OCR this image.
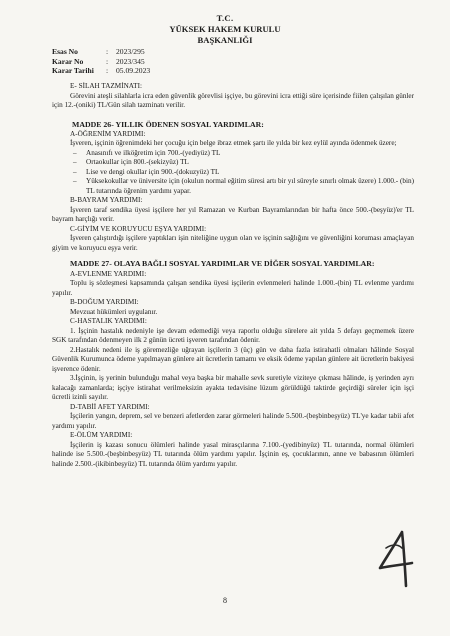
T.C.
YÜKSEK HAKEM KURULU
BAŞKANLIĞI
Esas No	:	2023/295
Karar No	:	2023/345
Karar Tarihi	:	05.09.2023

E- SİLAH TAZMİNATI:

Görevini ateşli silahlarla icra eden güvenlik görevlisi işçiye, bu görevini icra ettiği süre içerisinde fiilen çalışılan günler için 12.-(oniki) TL/Gün silah tazminatı verilir.

MADDE 26- YILLIK ÖDENEN SOSYAL YARDIMLAR:

A-ÖĞRENİM YARDIMI:

İşveren, işçinin öğrenimdeki her çocuğu için belge ibraz etmek şartı ile yılda bir kez eylül ayında ödenmek üzere;

– Anasınıfı ve ilköğretim için 700.-(yediyüz) TL
– Ortaokullar için 800.-(sekizyüz) TL
– Lise ve dengi okullar için 900.-(dokuzyüz) TL
– Yüksekokullar ve üniversite için (okulun normal eğitim süresi artı bir yıl süreyle sınırlı olmak üzere) 1.000.- (bin) TL tutarında öğrenim yardımı yapar.

B-BAYRAM YARDIMI:

İşveren taraf sendika üyesi işçilere her yıl Ramazan ve Kurban Bayramlarından bir hafta önce 500.-(beşyüz)'er TL bayram harçlığı verir.

C-GİYİM VE KORUYUCU EŞYA YARDIMI:

İşveren çalıştırdığı işçilere yaptıkları işin niteliğine uygun olan ve işçinin sağlığını ve güvenliğini koruması amaçlayan giyim ve koruyucu eşya verir.

MADDE 27- OLAYA BAĞLI SOSYAL YARDIMLAR VE DİĞER SOSYAL YARDIMLAR:

A-EVLENME YARDIMI:

Toplu iş sözleşmesi kapsamında çalışan sendika üyesi işçilerin evlenmeleri halinde 1.000.-(bin) TL evlenme yardımı yapılır.

B-DOĞUM YARDIMI:

Mevzuat hükümleri uygulanır.

C-HASTALIK YARDIMI:

1. İşçinin hastalık nedeniyle işe devam edemediği veya raporlu olduğu sürelere ait yılda 5 defayı geçmemek üzere SGK tarafından ödenmeyen ilk 2 günün ücreti işveren tarafından ödenir.

2.Hastalık nedeni ile iş göremezliğe uğrayan işçilerin 3 (üç) gün ve daha fazla istirahatli olmaları hâlinde Sosyal Güvenlik Kurumunca ödeme yapılmayan günlere ait ücretlerin tamamı ve eksik ödeme yapılan günlere ait ücretlerin bakiyesi işverence ödenir.

3.İşçinin, iş yerinin bulunduğu mahal veya başka bir mahalle sevk suretiyle viziteye çıkması hâlinde, iş yerinden ayrı kalacağı zamanlarda; işçiye istirahat verilmeksizin ayakta tedavisine lüzum görüldüğü taktirde geçirdiği süreler için işçi ücretli izinli sayılır.

D-TABİİ AFET YARDIMI:

İşçilerin yangın, deprem, sel ve benzeri afetlerden zarar görmeleri halinde 5.500.-(beşbinbeşyüz) TL'ye kadar tabii afet yardımı yapılır.

E-ÖLÜM YARDIMI:

İşçilerin iş kazası sonucu ölümleri halinde yasal mirasçılarına 7.100.-(yedibinyüz) TL tutarında, normal ölümleri halinde ise 5.500.-(beşbinbeşyüz) TL tutarında ölüm yardımı yapılır. İşçinin eş, çocuklarının, anne ve babasının ölümleri halinde 2.500.-(ikibinbeşyüz) TL tutarında ölüm yardımı yapılır.

8
